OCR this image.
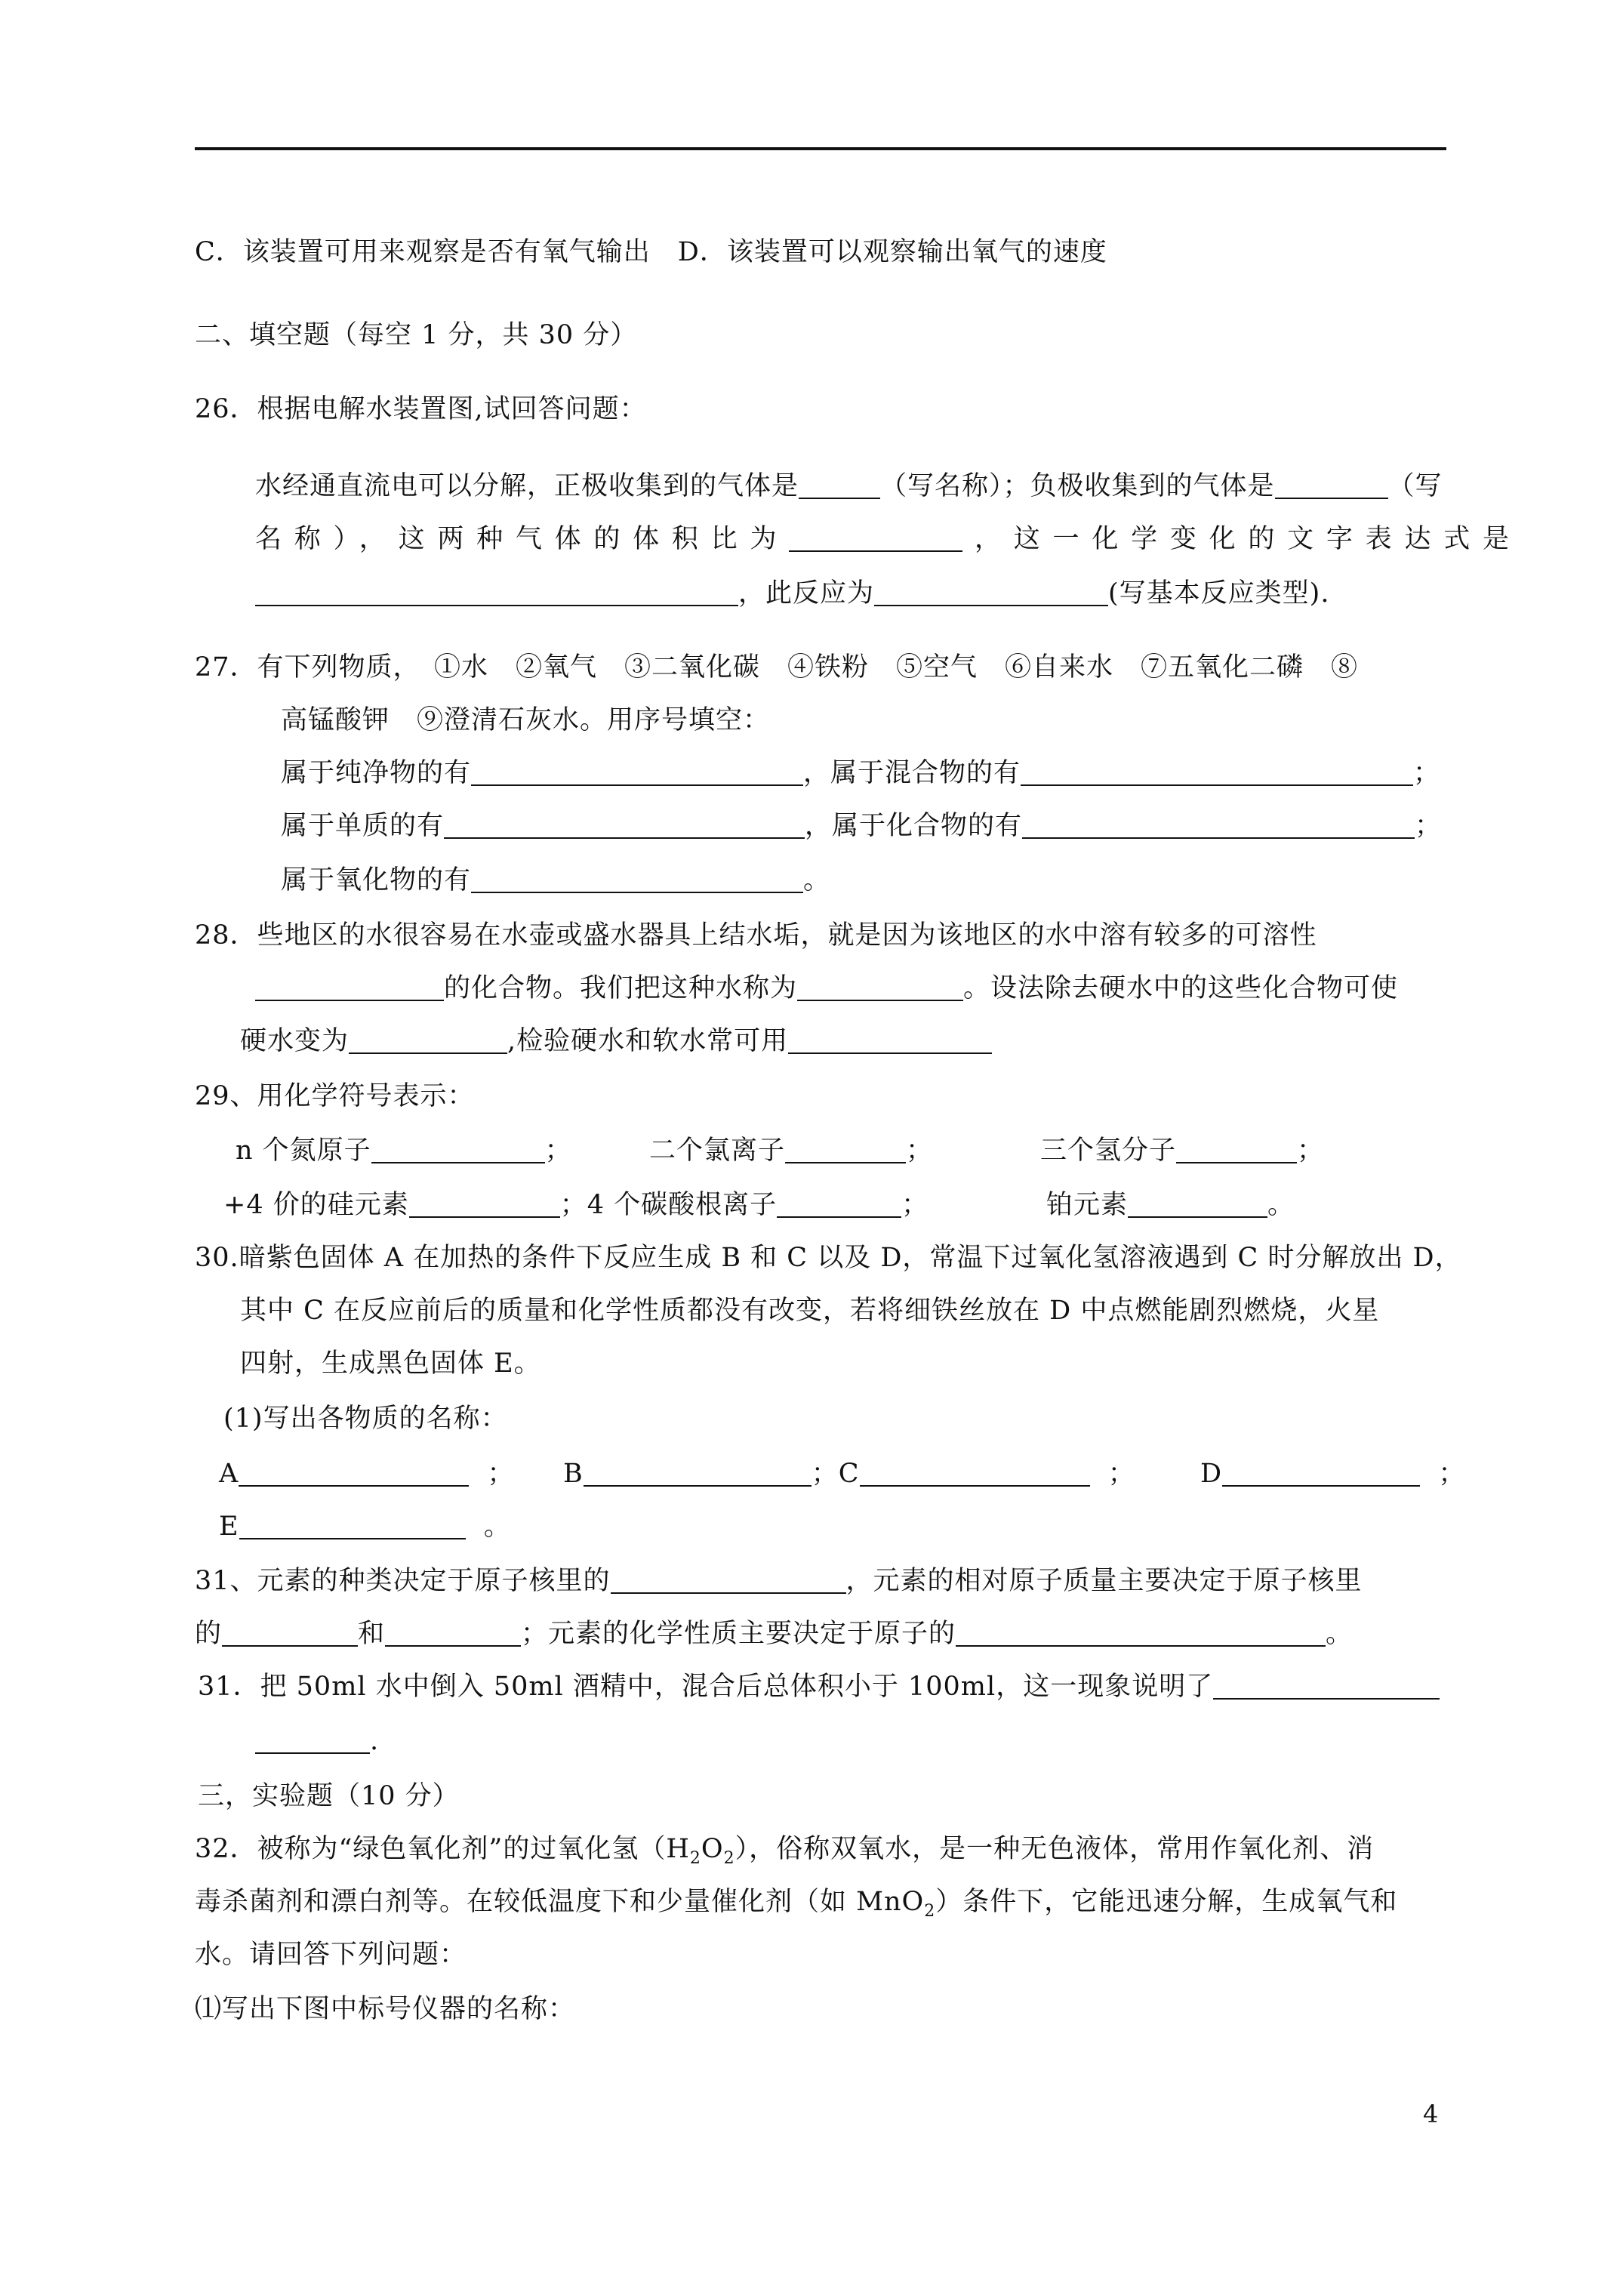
C．该装置可用来观察是否有氧气输出　D．该装置可以观察输出氧气的速度
二、填空题（每空 1 分，共 30 分）
26．根据电解水装置图,试回答问题：
水经通直流电可以分解，正极收集到的气体是	（写名称）；负极收集到的气体是	（写
名称），这两种气体的体积比为	，这一化学变化的文字表达式是
，此反应为	(写基本反应类型).
27．有下列物质，　①水　②氧气　③二氧化碳　④铁粉　⑤空气　⑥自来水　⑦五氧化二磷　⑧
高锰酸钾　⑨澄清石灰水。用序号填空：
属于纯净物的有	，属于混合物的有	；
属于单质的有	，属于化合物的有	；
属于氧化物的有	。
28．些地区的水很容易在水壶或盛水器具上结水垢，就是因为该地区的水中溶有较多的可溶性
的化合物。我们把这种水称为	。设法除去硬水中的这些化合物可使
硬水变为	,检验硬水和软水常可用
29、用化学符号表示：
n 个氮原子	；	二个氯离子	；	三个氢分子	；
+4 价的硅元素	；4 个碳酸根离子	；	铂元素	。
30.暗紫色固体 A 在加热的条件下反应生成 B 和 C 以及 D，常温下过氧化氢溶液遇到 C 时分解放出 D，
其中 C 在反应前后的质量和化学性质都没有改变，若将细铁丝放在 D 中点燃能剧烈燃烧，火星
四射，生成黑色固体 E。
(1)写出各物质的名称：
A	； B	；C	； D	；
E	。
31、元素的种类决定于原子核里的	，元素的相对原子质量主要决定于原子核里
的	和	；元素的化学性质主要决定于原子的	。
31．把 50ml 水中倒入 50ml 酒精中，混合后总体积小于 100ml，这一现象说明了
.
三，实验题（10 分）
32．被称为“绿色氧化剂”的过氧化氢$(H_2O_2)$，俗称双氧水，是一种无色液体，常用作氧化剂、消
毒杀菌剂和漂白剂等。在较低温度下和少量催化剂（如 MnO$_2$）条件下，它能迅速分解，生成氧气和
水。请回答下列问题：
⑴写出下图中标号仪器的名称：
4
